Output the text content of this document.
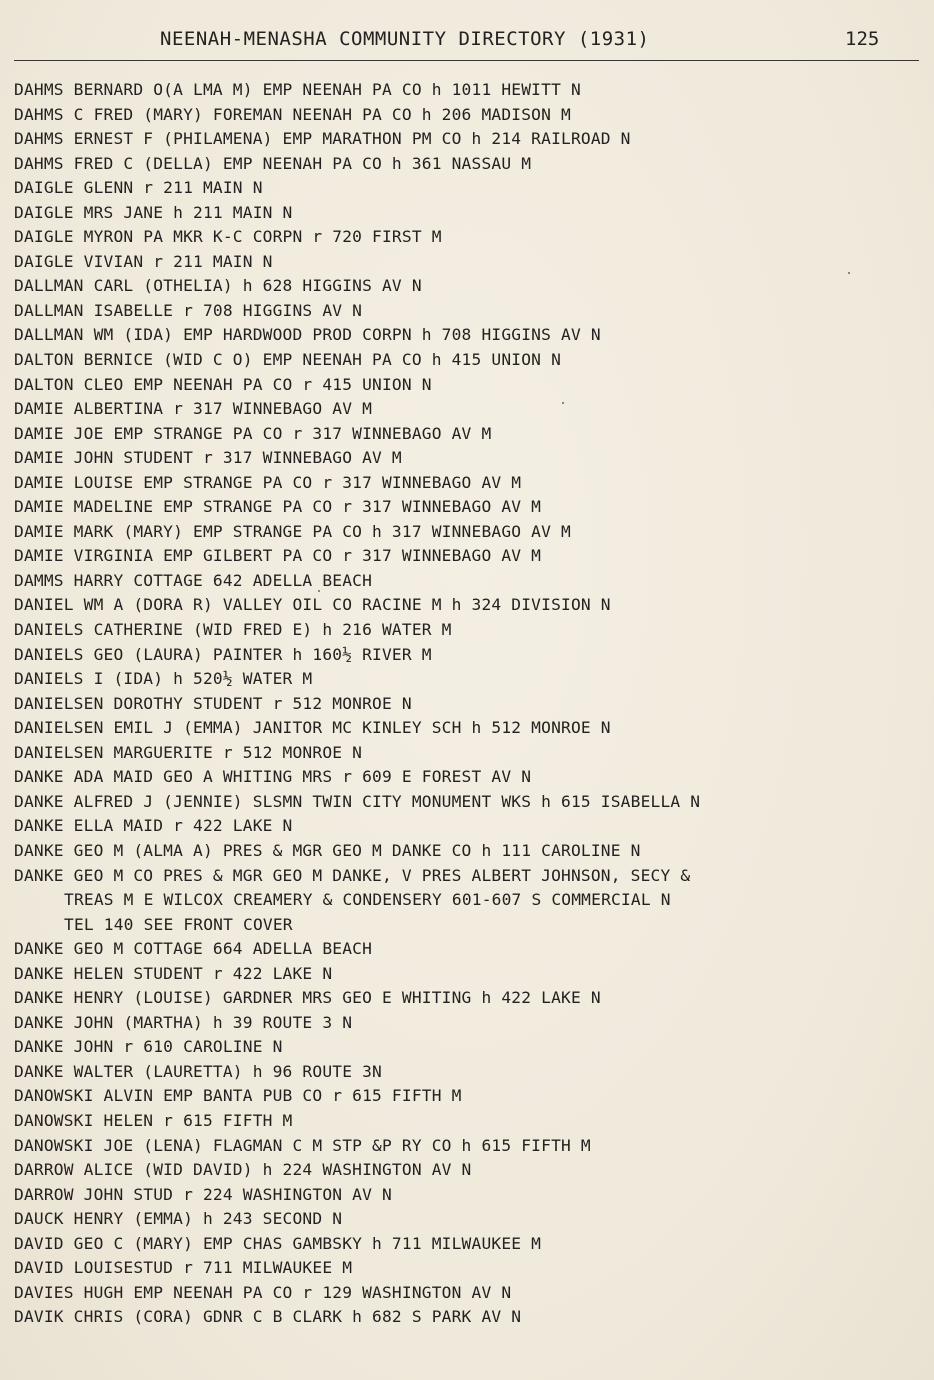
NEENAH-MENASHA COMMUNITY DIRECTORY (1931)	125
DAHMS BERNARD O(A LMA M) EMP NEENAH PA CO h 1011 HEWITT N
DAHMS C FRED (MARY) FOREMAN NEENAH PA CO h 206 MADISON M
DAHMS ERNEST F (PHILAMENA) EMP MARATHON PM CO h 214 RAILROAD N
DAHMS FRED C (DELLA) EMP NEENAH PA CO h 361 NASSAU M
DAIGLE GLENN r 211 MAIN N
DAIGLE MRS JANE h 211 MAIN N
DAIGLE MYRON PA MKR K-C CORPN r 720 FIRST M
DAIGLE VIVIAN r 211 MAIN N
DALLMAN CARL (OTHELIA) h 628 HIGGINS AV N
DALLMAN ISABELLE r 708 HIGGINS AV N
DALLMAN WM (IDA) EMP HARDWOOD PROD CORPN h 708 HIGGINS AV N
DALTON BERNICE (WID C O) EMP NEENAH PA CO h 415 UNION N
DALTON CLEO EMP NEENAH PA CO r 415 UNION N
DAMIE ALBERTINA r 317 WINNEBAGO AV M
DAMIE JOE EMP STRANGE PA CO r 317 WINNEBAGO AV M
DAMIE JOHN STUDENT r 317 WINNEBAGO AV M
DAMIE LOUISE EMP STRANGE PA CO r 317 WINNEBAGO AV M
DAMIE MADELINE EMP STRANGE PA CO r 317 WINNEBAGO AV M
DAMIE MARK (MARY) EMP STRANGE PA CO h 317 WINNEBAGO AV M
DAMIE VIRGINIA EMP GILBERT PA CO r 317 WINNEBAGO AV M
DAMMS HARRY COTTAGE 642 ADELLA BEACH
DANIEL WM A (DORA R) VALLEY OIL CO RACINE M h 324 DIVISION N
DANIELS CATHERINE (WID FRED E) h 216 WATER M
DANIELS GEO (LAURA) PAINTER h 160½ RIVER M
DANIELS I (IDA) h 520½ WATER M
DANIELSEN DOROTHY STUDENT r 512 MONROE N
DANIELSEN EMIL J (EMMA) JANITOR MC KINLEY SCH h 512 MONROE N
DANIELSEN MARGUERITE r 512 MONROE N
DANKE ADA MAID GEO A WHITING MRS r 609 E FOREST AV N
DANKE ALFRED J (JENNIE) SLSMN TWIN CITY MONUMENT WKS h 615 ISABELLA N
DANKE ELLA MAID r 422 LAKE N
DANKE GEO M (ALMA A) PRES & MGR GEO M DANKE CO h 111 CAROLINE N
DANKE GEO M CO PRES & MGR GEO M DANKE, V PRES ALBERT JOHNSON, SECY &
TREAS M E WILCOX CREAMERY & CONDENSERY 601-607 S COMMERCIAL N
TEL 140 SEE FRONT COVER
DANKE GEO M COTTAGE 664 ADELLA BEACH
DANKE HELEN STUDENT r 422 LAKE N
DANKE HENRY (LOUISE) GARDNER MRS GEO E WHITING h 422 LAKE N
DANKE JOHN (MARTHA) h 39 ROUTE 3 N
DANKE JOHN r 610 CAROLINE N
DANKE WALTER (LAURETTA) h 96 ROUTE 3N
DANOWSKI ALVIN EMP BANTA PUB CO r 615 FIFTH M
DANOWSKI HELEN r 615 FIFTH M
DANOWSKI JOE (LENA) FLAGMAN C M STP &P RY CO h 615 FIFTH M
DARROW ALICE (WID DAVID) h 224 WASHINGTON AV N
DARROW JOHN STUD r 224 WASHINGTON AV N
DAUCK HENRY (EMMA) h 243 SECOND N
DAVID GEO C (MARY) EMP CHAS GAMBSKY h 711 MILWAUKEE M
DAVID LOUISESTUD r 711 MILWAUKEE M
DAVIES HUGH EMP NEENAH PA CO r 129 WASHINGTON AV N
DAVIK CHRIS (CORA) GDNR C B CLARK h 682 S PARK AV N
